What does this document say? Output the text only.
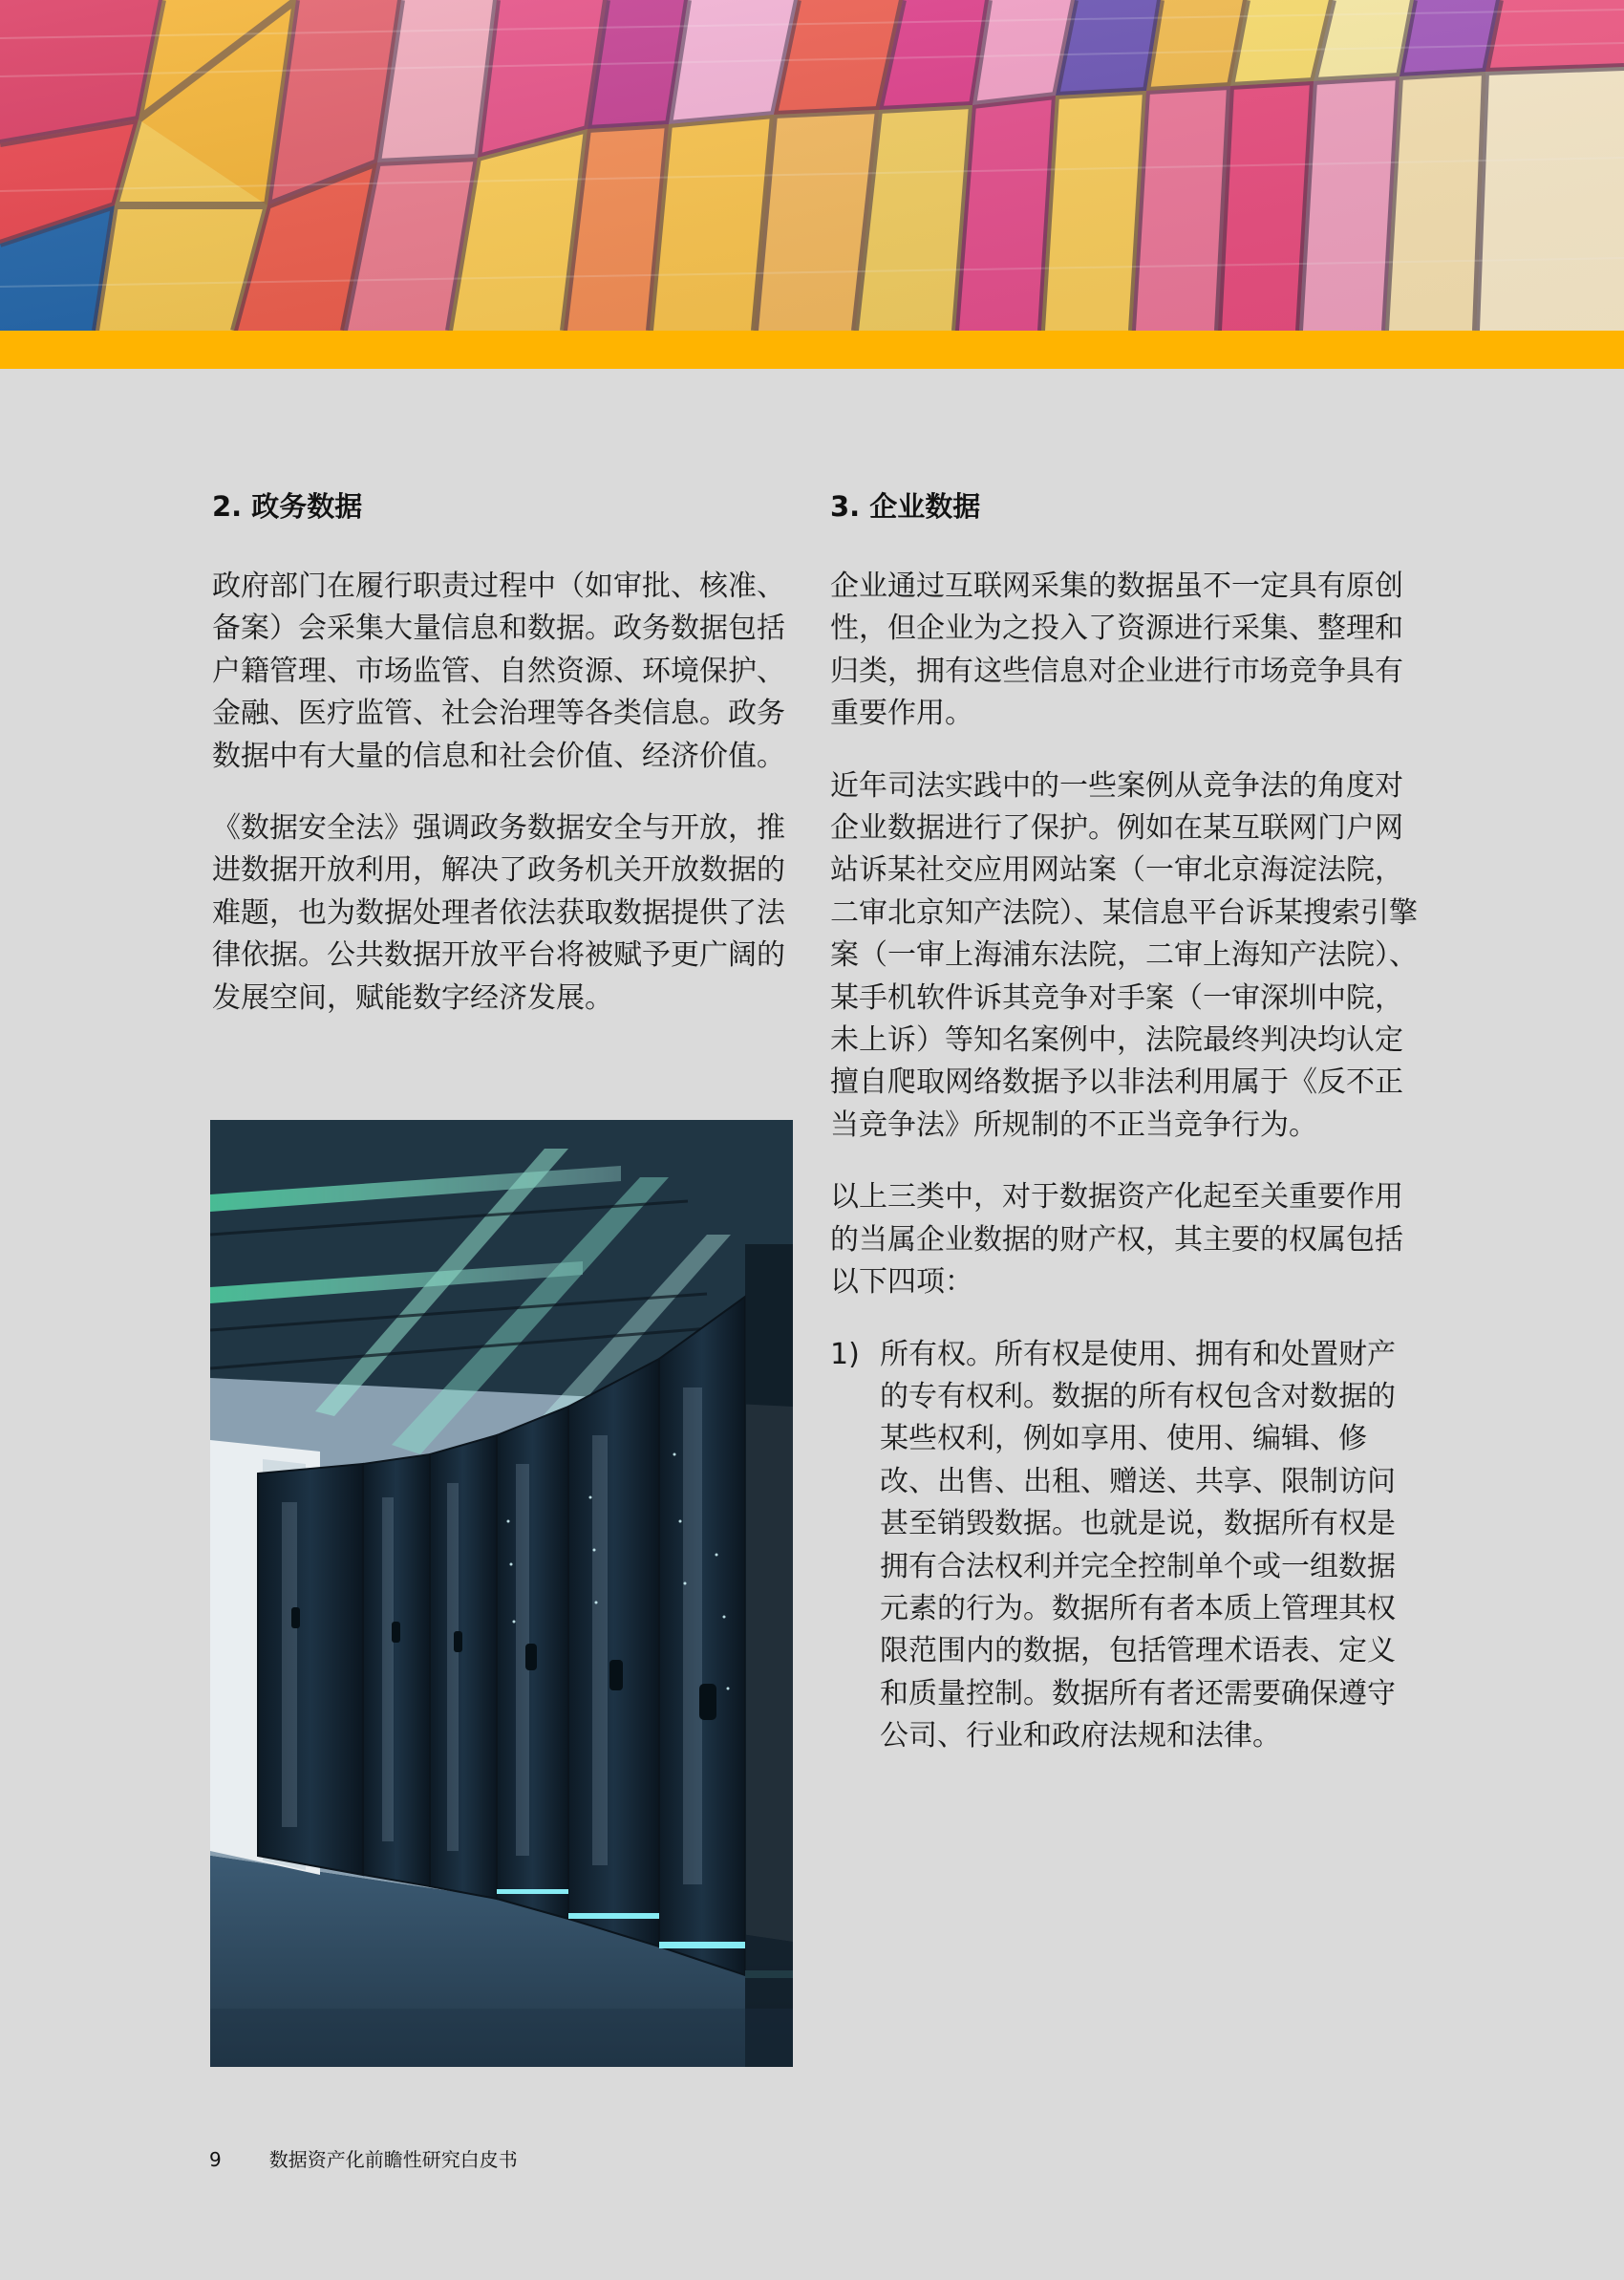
2. 政务数据

政府部门在履行职责过程中（如审批、核准、备案）会采集大量信息和数据。政务数据包括户籍管理、市场监管、自然资源、环境保护、金融、医疗监管、社会治理等各类信息。政务数据中有大量的信息和社会价值、经济价值。

《数据安全法》强调政务数据安全与开放，推进数据开放利用，解决了政务机关开放数据的难题，也为数据处理者依法获取数据提供了法律依据。公共数据开放平台将被赋予更广阔的发展空间，赋能数字经济发展。

3. 企业数据

企业通过互联网采集的数据虽不一定具有原创性，但企业为之投入了资源进行采集、整理和归类，拥有这些信息对企业进行市场竞争具有重要作用。

近年司法实践中的一些案例从竞争法的角度对企业数据进行了保护。例如在某互联网门户网站诉某社交应用网站案（一审北京海淀法院，二审北京知产法院）、某信息平台诉某搜索引擎案（一审上海浦东法院，二审上海知产法院）、某手机软件诉其竞争对手案（一审深圳中院，未上诉）等知名案例中，法院最终判决均认定擅自爬取网络数据予以非法利用属于《反不正当竞争法》所规制的不正当竞争行为。

以上三类中，对于数据资产化起至关重要作用的当属企业数据的财产权，其主要的权属包括以下四项：

1) 所有权。所有权是使用、拥有和处置财产的专有权利。数据的所有权包含对数据的某些权利，例如享用、使用、编辑、修改、出售、出租、赠送、共享、限制访问甚至销毁数据。也就是说，数据所有权是拥有合法权利并完全控制单个或一组数据元素的行为。数据所有者本质上管理其权限范围内的数据，包括管理术语表、定义和质量控制。数据所有者还需要确保遵守公司、行业和政府法规和法律。
9	数据资产化前瞻性研究白皮书
